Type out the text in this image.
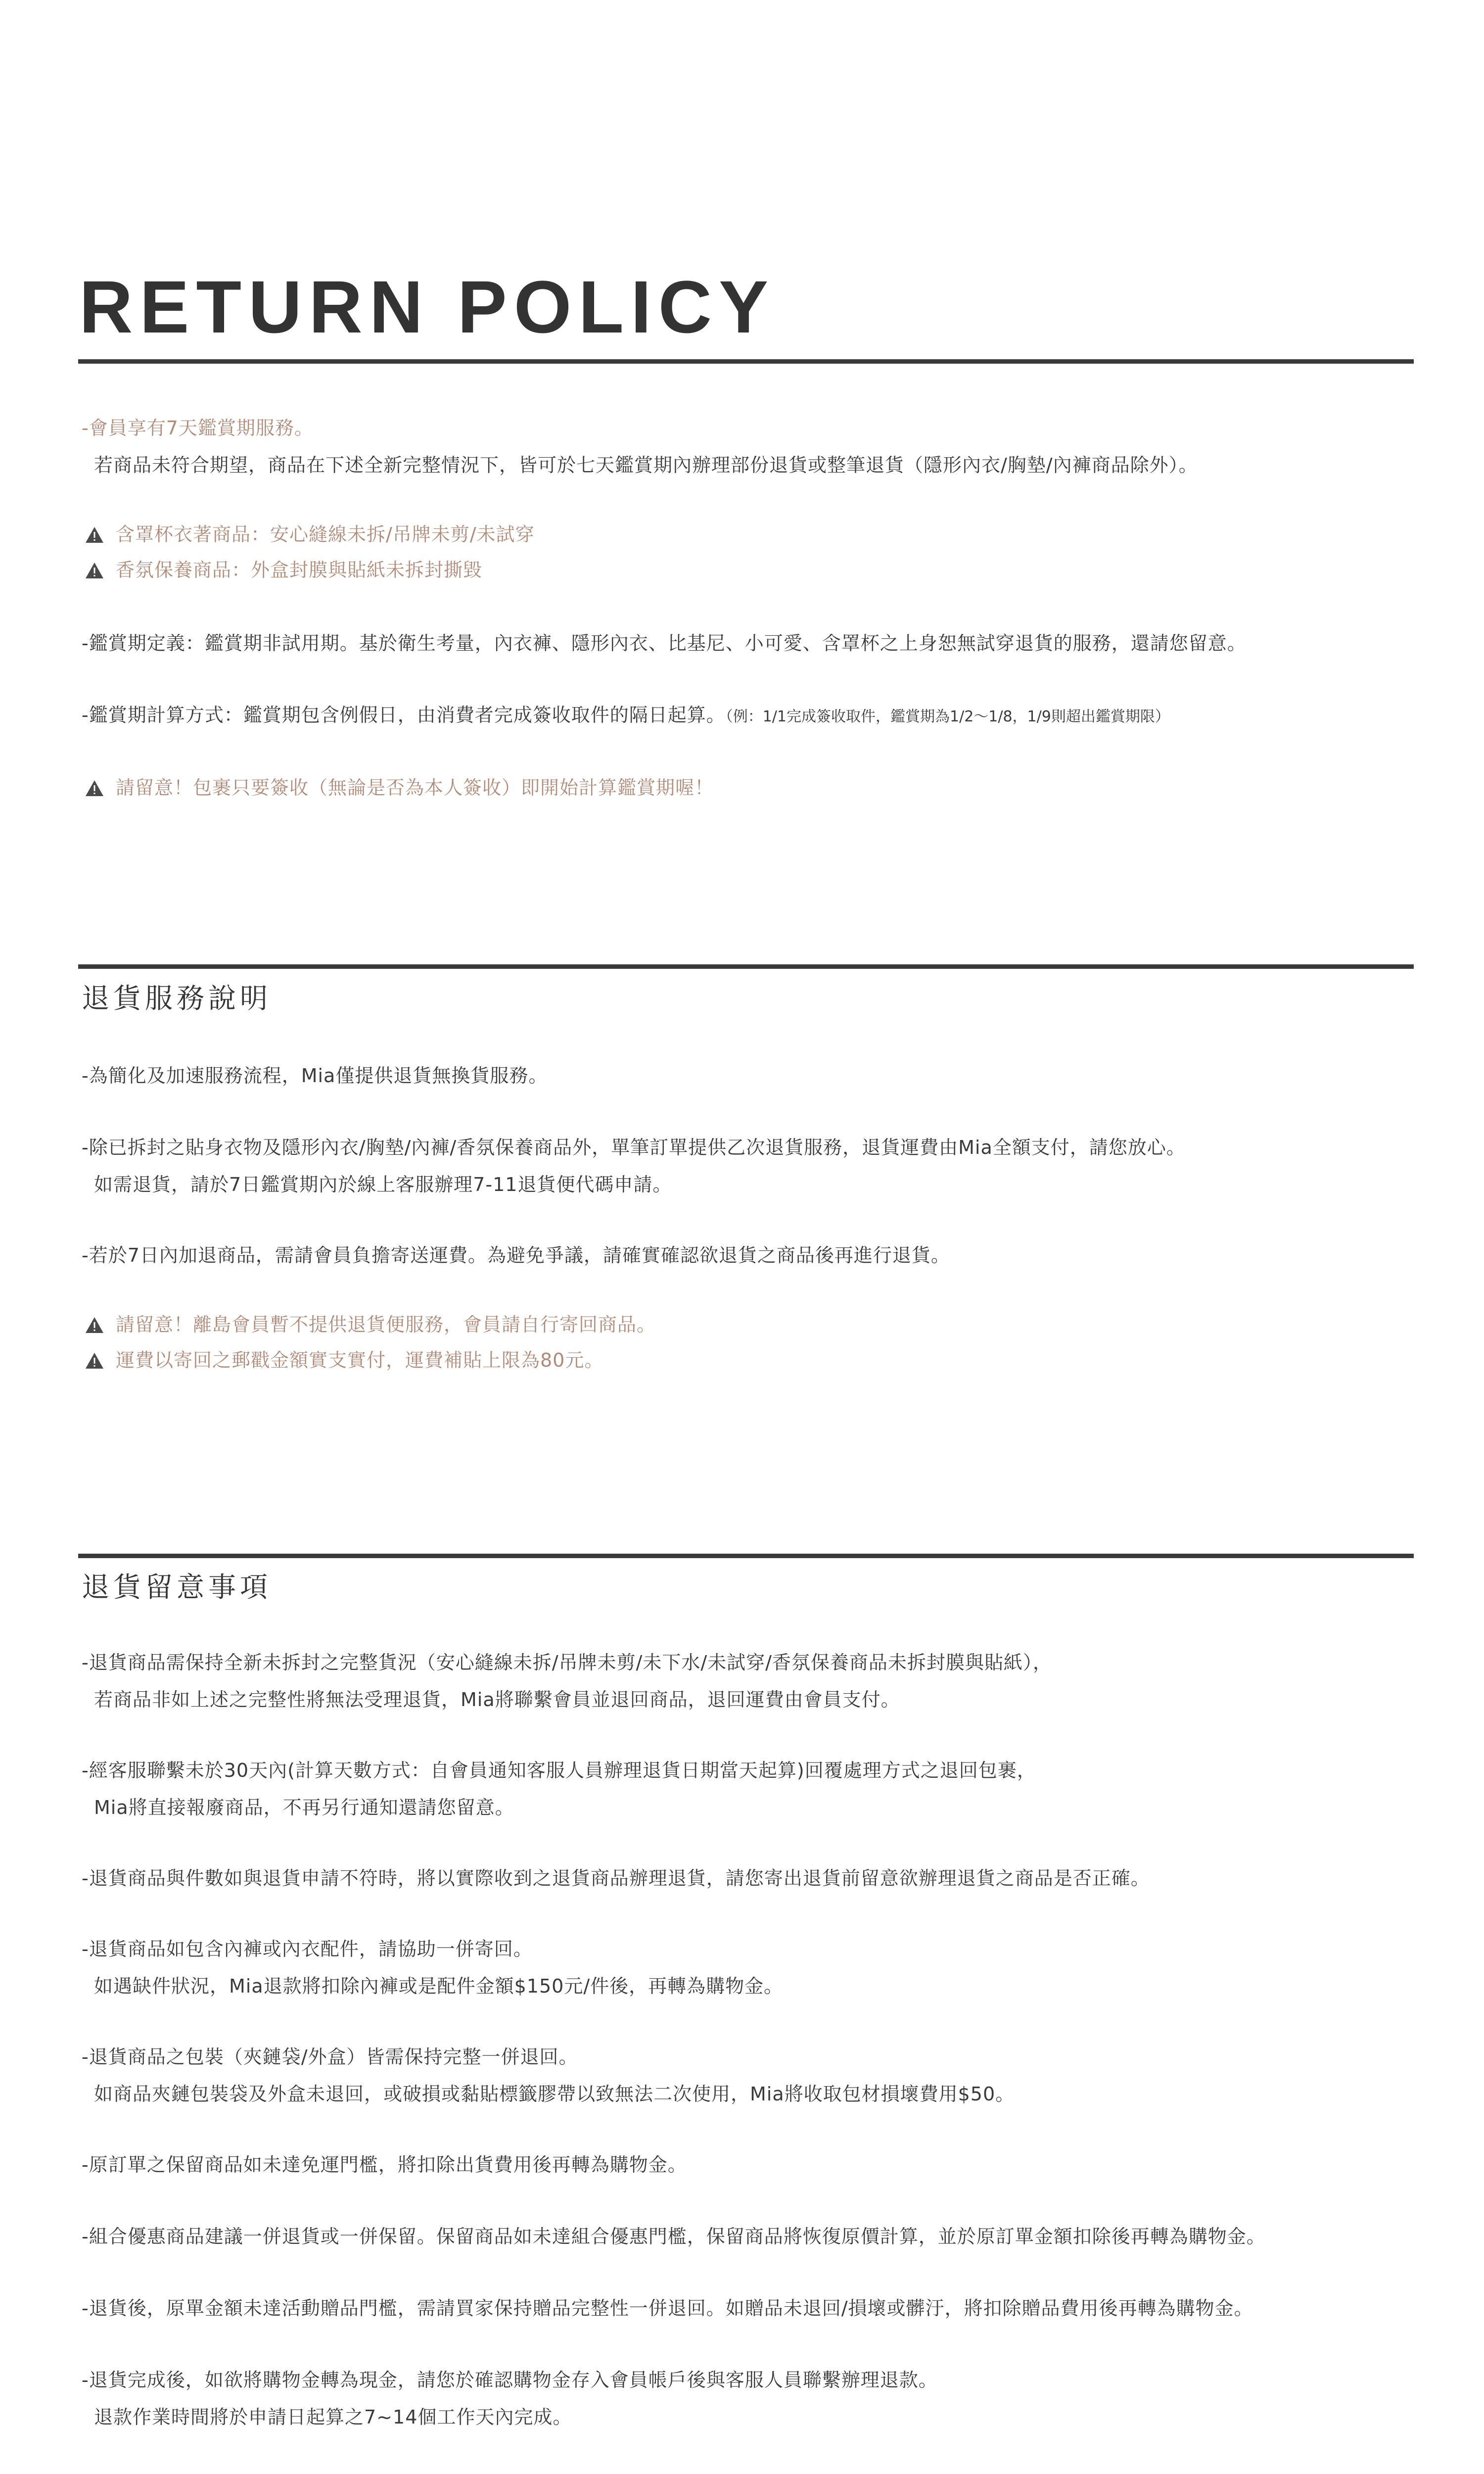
RETURN POLICY

-會員享有7天鑑賞期服務。

若商品未符合期望，商品在下述全新完整情況下，皆可於七天鑑賞期內辦理部份退貨或整筆退貨（隱形內衣/胸墊/內褲商品除外）。

含罩杯衣著商品：安心縫線未拆/吊牌未剪/未試穿

香氛保養商品：外盒封膜與貼紙未拆封撕毀

-鑑賞期定義：鑑賞期非試用期。基於衛生考量，內衣褲、隱形內衣、比基尼、小可愛、含罩杯之上身恕無試穿退貨的服務，還請您留意。

-鑑賞期計算方式：鑑賞期包含例假日，由消費者完成簽收取件的隔日起算。（例：1/1完成簽收取件，鑑賞期為1/2～1/8，1/9則超出鑑賞期限）

請留意！包裹只要簽收（無論是否為本人簽收）即開始計算鑑賞期喔！

退貨服務說明

-為簡化及加速服務流程，Mia僅提供退貨無換貨服務。

-除已拆封之貼身衣物及隱形內衣/胸墊/內褲/香氛保養商品外，單筆訂單提供乙次退貨服務，退貨運費由Mia全額支付，請您放心。

如需退貨，請於7日鑑賞期內於線上客服辦理7-11退貨便代碼申請。

-若於7日內加退商品，需請會員負擔寄送運費。為避免爭議，請確實確認欲退貨之商品後再進行退貨。

請留意！離島會員暫不提供退貨便服務，會員請自行寄回商品。

運費以寄回之郵戳金額實支實付，運費補貼上限為80元。

退貨留意事項

-退貨商品需保持全新未拆封之完整貨況（安心縫線未拆/吊牌未剪/未下水/未試穿/香氛保養商品未拆封膜與貼紙），

若商品非如上述之完整性將無法受理退貨，Mia將聯繫會員並退回商品，退回運費由會員支付。

-經客服聯繫未於30天內(計算天數方式：自會員通知客服人員辦理退貨日期當天起算)回覆處理方式之退回包裹，

Mia將直接報廢商品，不再另行通知還請您留意。

-退貨商品與件數如與退貨申請不符時，將以實際收到之退貨商品辦理退貨，請您寄出退貨前留意欲辦理退貨之商品是否正確。

-退貨商品如包含內褲或內衣配件，請協助一併寄回。

如遇缺件狀況，Mia退款將扣除內褲或是配件金額$150元/件後，再轉為購物金。

-退貨商品之包裝（夾鏈袋/外盒）皆需保持完整一併退回。

如商品夾鏈包裝袋及外盒未退回，或破損或黏貼標籤膠帶以致無法二次使用，Mia將收取包材損壞費用$50。

-原訂單之保留商品如未達免運門檻，將扣除出貨費用後再轉為購物金。

-組合優惠商品建議一併退貨或一併保留。保留商品如未達組合優惠門檻，保留商品將恢復原價計算，並於原訂單金額扣除後再轉為購物金。

-退貨後，原單金額未達活動贈品門檻，需請買家保持贈品完整性一併退回。如贈品未退回/損壞或髒汙，將扣除贈品費用後再轉為購物金。

-退貨完成後，如欲將購物金轉為現金，請您於確認購物金存入會員帳戶後與客服人員聯繫辦理退款。

退款作業時間將於申請日起算之7~14個工作天內完成。
